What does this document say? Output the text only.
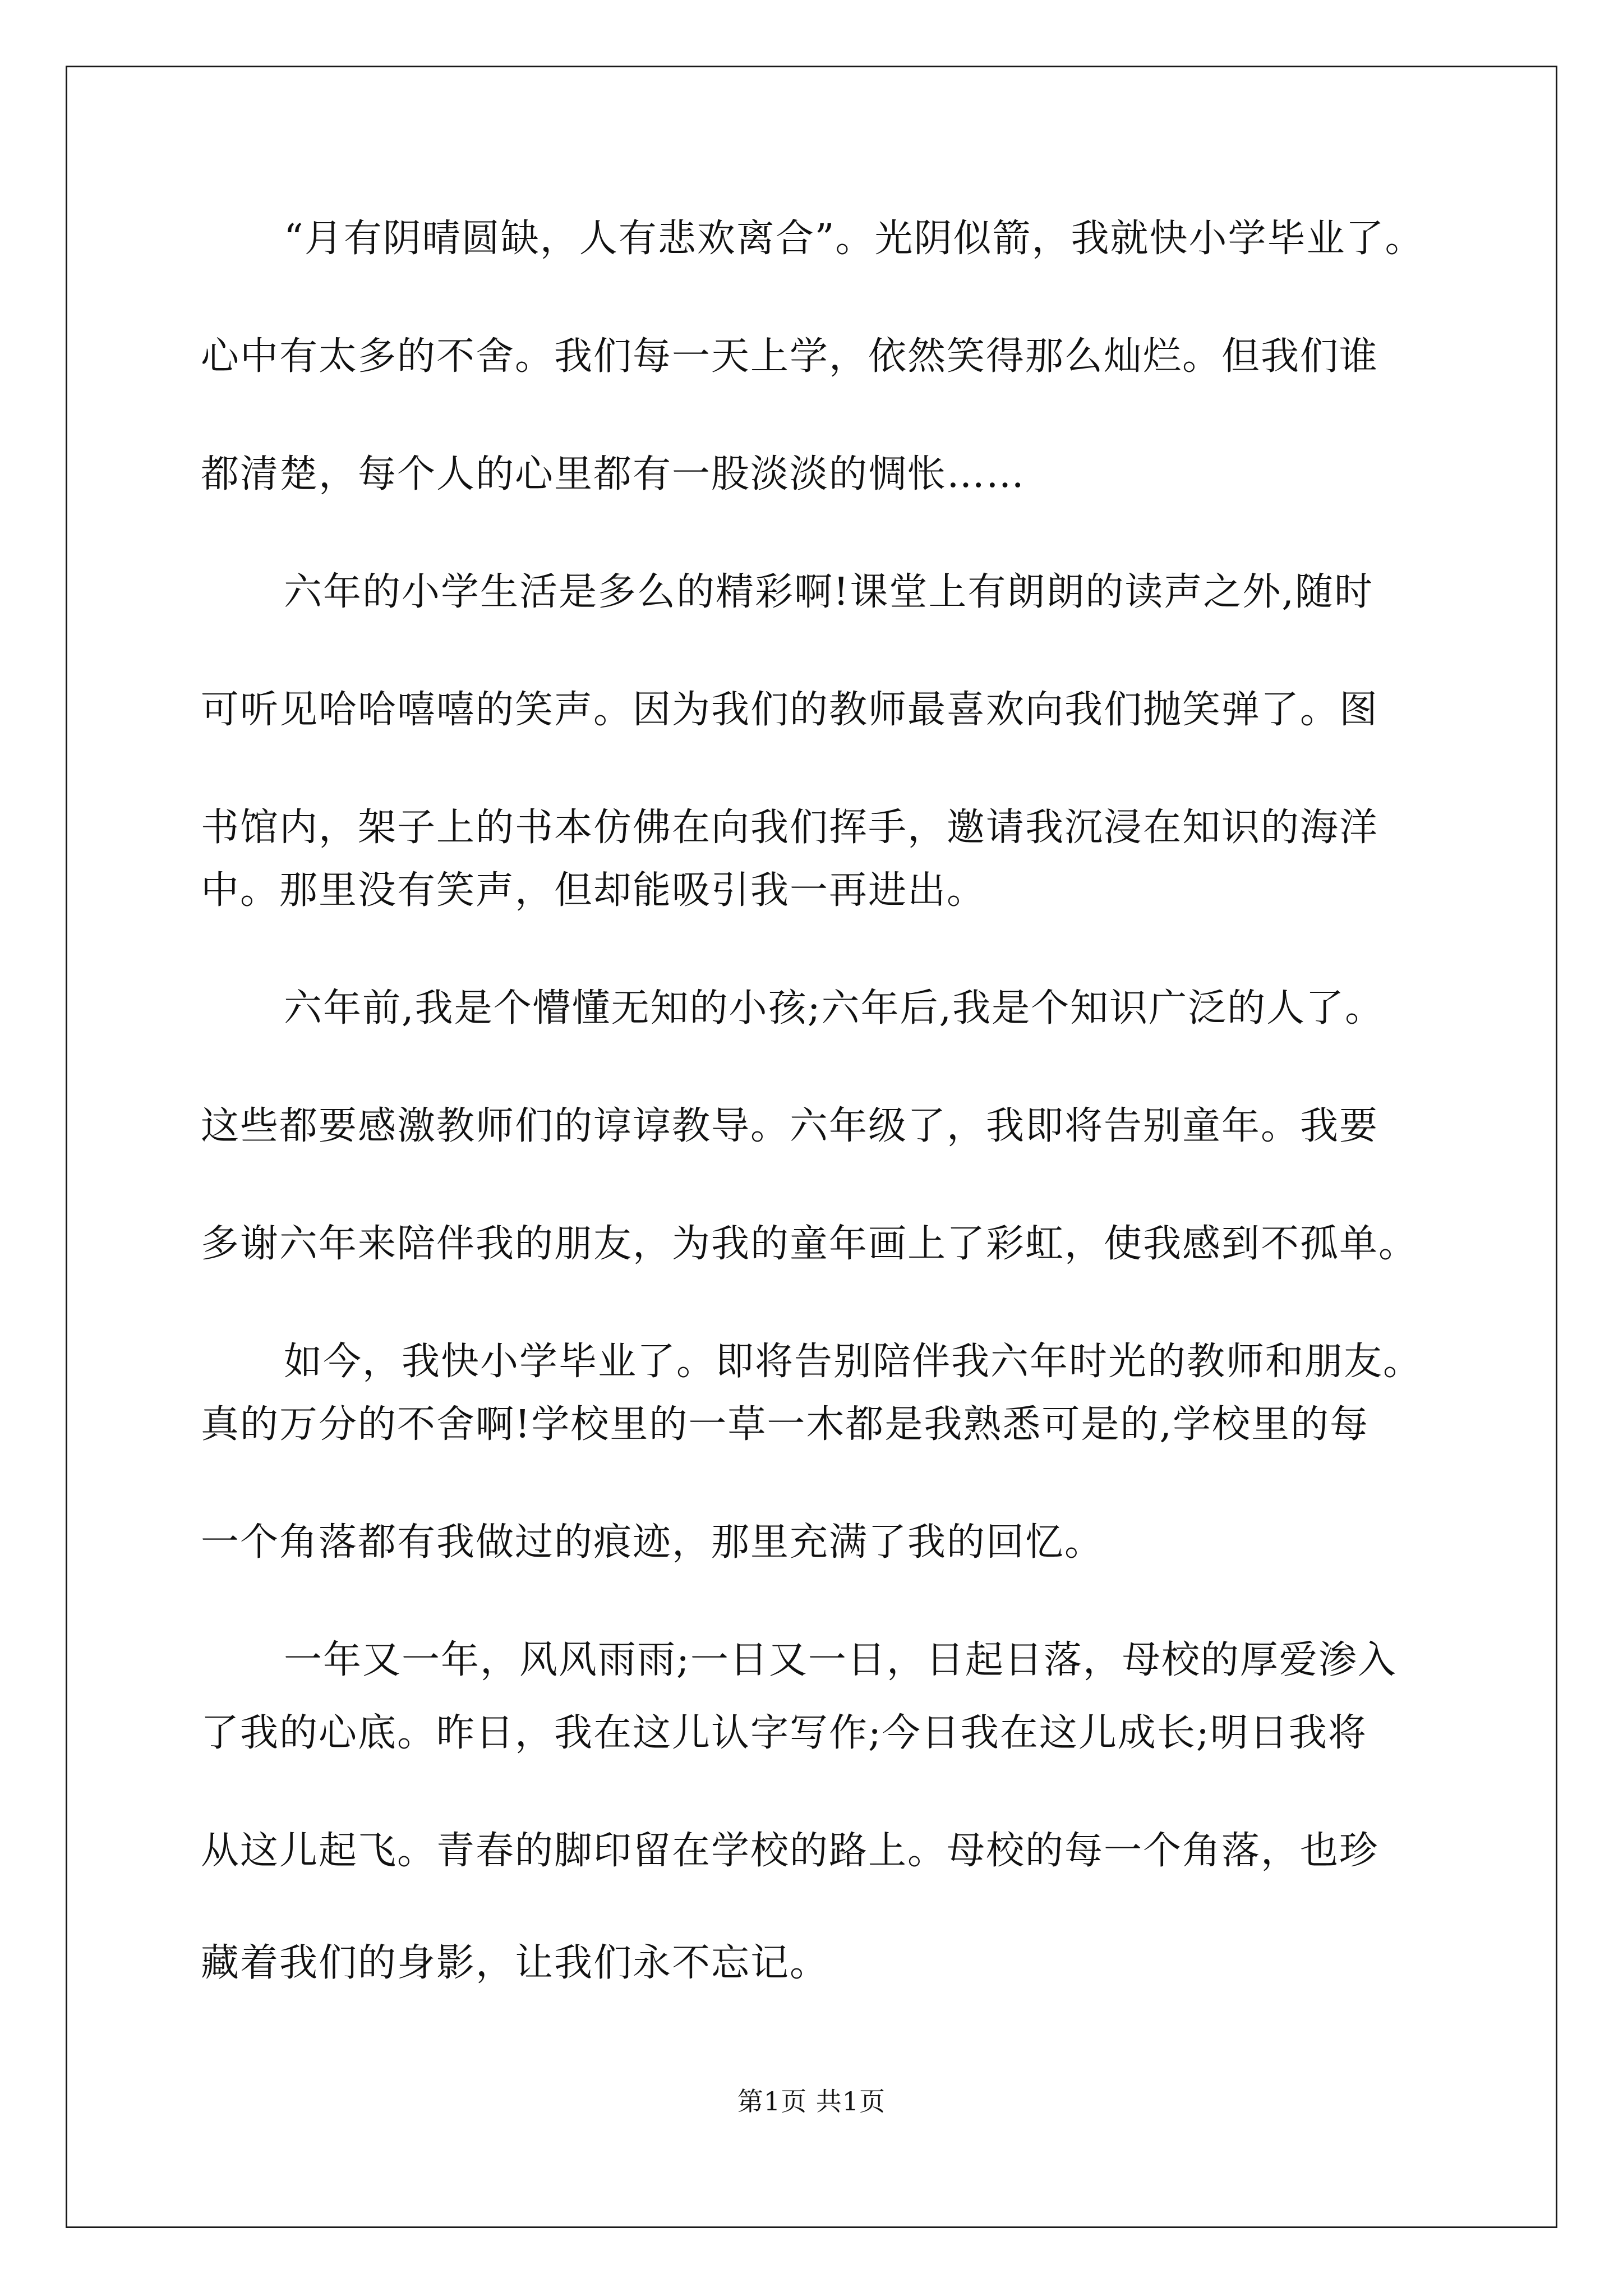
“月有阴晴圆缺，人有悲欢离合”。光阴似箭，我就快小学毕业了。
心中有太多的不舍。我们每一天上学，依然笑得那么灿烂。但我们谁
都清楚，每个人的心里都有一股淡淡的惆怅……
六年的小学生活是多么的精彩啊!课堂上有朗朗的读声之外,随时
可听见哈哈嘻嘻的笑声。因为我们的教师最喜欢向我们抛笑弹了。图
书馆内，架子上的书本仿佛在向我们挥手，邀请我沉浸在知识的海洋
中。那里没有笑声，但却能吸引我一再进出。
六年前,我是个懵懂无知的小孩;六年后,我是个知识广泛的人了。
这些都要感激教师们的谆谆教导。六年级了，我即将告别童年。我要
多谢六年来陪伴我的朋友，为我的童年画上了彩虹，使我感到不孤单。
如今，我快小学毕业了。即将告别陪伴我六年时光的教师和朋友。
真的万分的不舍啊!学校里的一草一木都是我熟悉可是的,学校里的每
一个角落都有我做过的痕迹，那里充满了我的回忆。
一年又一年，风风雨雨;一日又一日，日起日落，母校的厚爱渗入
了我的心底。昨日，我在这儿认字写作;今日我在这儿成长;明日我将
从这儿起飞。青春的脚印留在学校的路上。母校的每一个角落，也珍
藏着我们的身影，让我们永不忘记。
第1页 共1页
